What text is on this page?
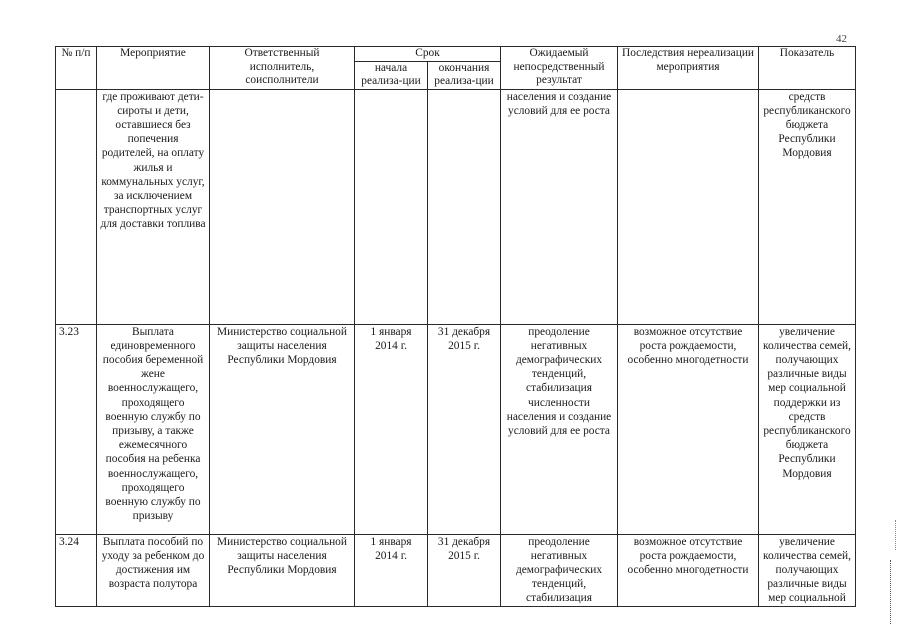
42
№ п/п	Мероприятие	Ответственный исполнитель, соисполнители	Срок		Ожидаемый непосредственный результат	Последствия нереализации мероприятия	Показатель
			начала реализа-ции	окончания реализа-ции			
	где проживают дети-сироты и дети, оставшиеся без попечения родителей, на оплату жилья и коммунальных услуг, за исключением транспортных услуг для доставки топлива				населения и создание условий для ее роста		средств республиканского бюджета Республики Мордовия
3.23	Выплата единовременного пособия беременной жене военнослужащего, проходящего военную службу по призыву, а также ежемесячного пособия на ребенка военнослужащего, проходящего военную службу по призыву	Министерство социальной защиты населения Республики Мордовия	1 января 2014 г.	31 декабря 2015 г.	преодоление негативных демографических тенденций, стабилизация численности населения и создание условий для ее роста	возможное отсутствие роста рождаемости, особенно многодетности	увеличение количества семей, получающих различные виды мер социальной поддержки из средств республиканского бюджета Республики Мордовия
3.24	Выплата пособий по уходу за ребенком до достижения им возраста полутора	Министерство социальной защиты населения Республики Мордовия	1 января 2014 г.	31 декабря 2015 г.	преодоление негативных демографических тенденций, стабилизация	возможное отсутствие роста рождаемости, особенно многодетности	увеличение количества семей, получающих различные виды мер социальной
